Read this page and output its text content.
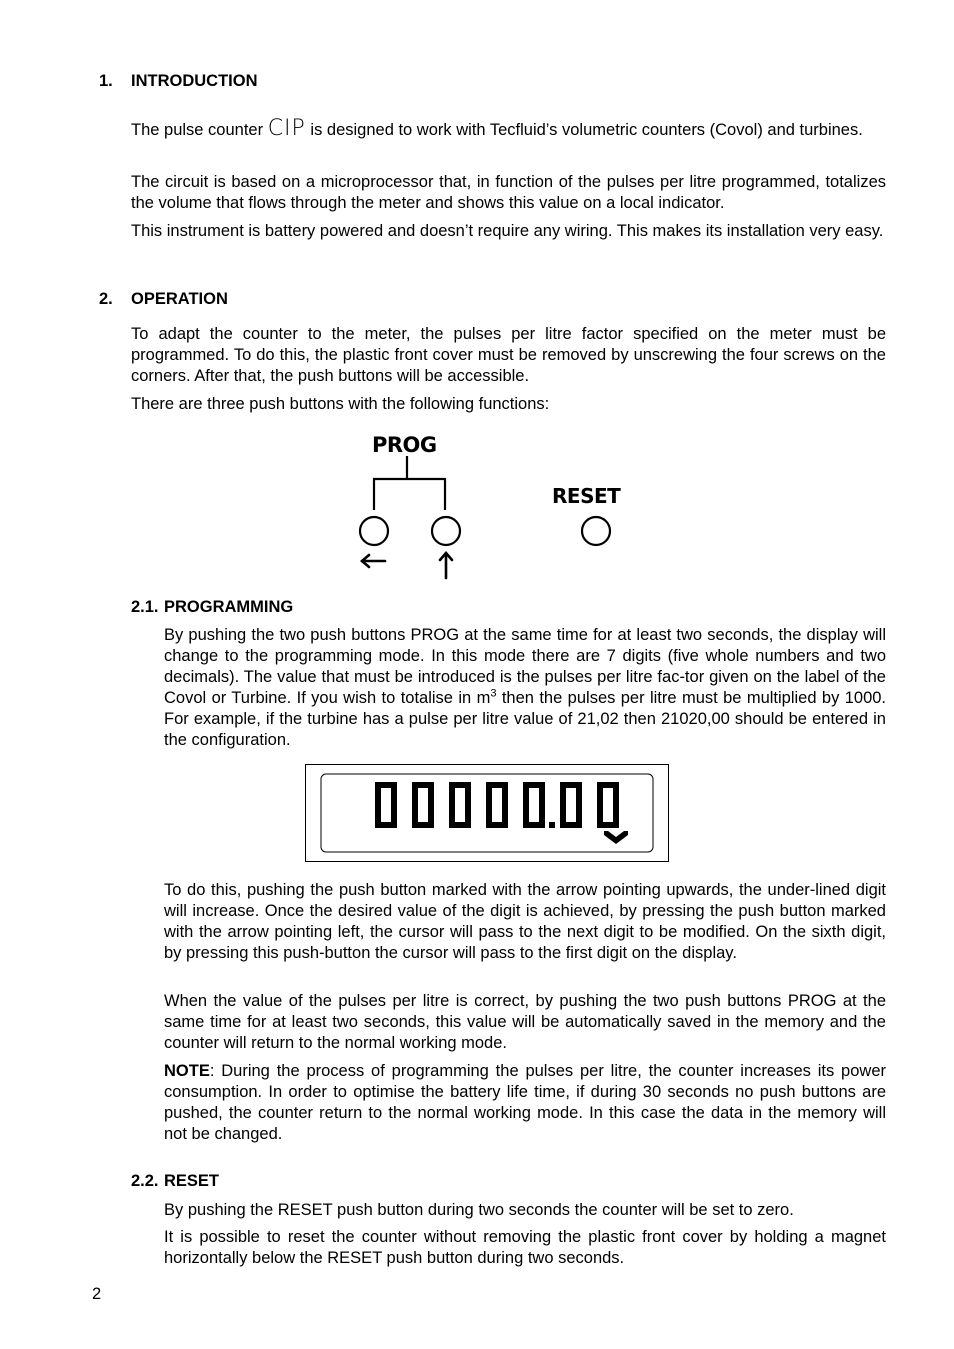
1. INTRODUCTION

The pulse counter CIP is designed to work with Tecfluid’s volumetric counters (Covol) and turbines.

The circuit is based on a microprocessor that, in function of the pulses per litre programmed, totalizes the volume that flows through the meter and shows this value on a local indicator.

This instrument is battery powered and doesn’t require any wiring. This makes its installation very easy.

2. OPERATION

To adapt the counter to the meter, the pulses per litre factor specified on the meter must be programmed. To do this, the plastic front cover must be removed by unscrewing the four screws on the corners. After that, the push buttons will be accessible.

There are three push buttons with the following functions:

PROG
RESET
2.1. PROGRAMMING

By pushing the two push buttons PROG at the same time for at least two seconds, the display will change to the programming mode. In this mode there are 7 digits (five whole numbers and two decimals). The value that must be introduced is the pulses per litre fac-tor given on the label of the Covol or Turbine. If you wish to totalise in $m^3$ then the pulses per litre must be multiplied by 1000. For example, if the turbine has a pulse per litre value of 21,02 then 21020,00 should be entered in the configuration.

To do this, pushing the push button marked with the arrow pointing upwards, the under-lined digit will increase. Once the desired value of the digit is achieved, by pressing the push button marked with the arrow pointing left, the cursor will pass to the next digit to be modified. On the sixth digit, by pressing this push-button the cursor will pass to the first digit on the display.

When the value of the pulses per litre is correct, by pushing the two push buttons PROG at the same time for at least two seconds, this value will be automatically saved in the memory and the counter will return to the normal working mode.

NOTE: During the process of programming the pulses per litre, the counter increases its power consumption. In order to optimise the battery life time, if during 30 seconds no push buttons are pushed, the counter return to the normal working mode. In this case the data in the memory will not be changed.

2.2. RESET

By pushing the RESET push button during two seconds the counter will be set to zero.

It is possible to reset the counter without removing the plastic front cover by holding a magnet horizontally below the RESET push button during two seconds.

2
